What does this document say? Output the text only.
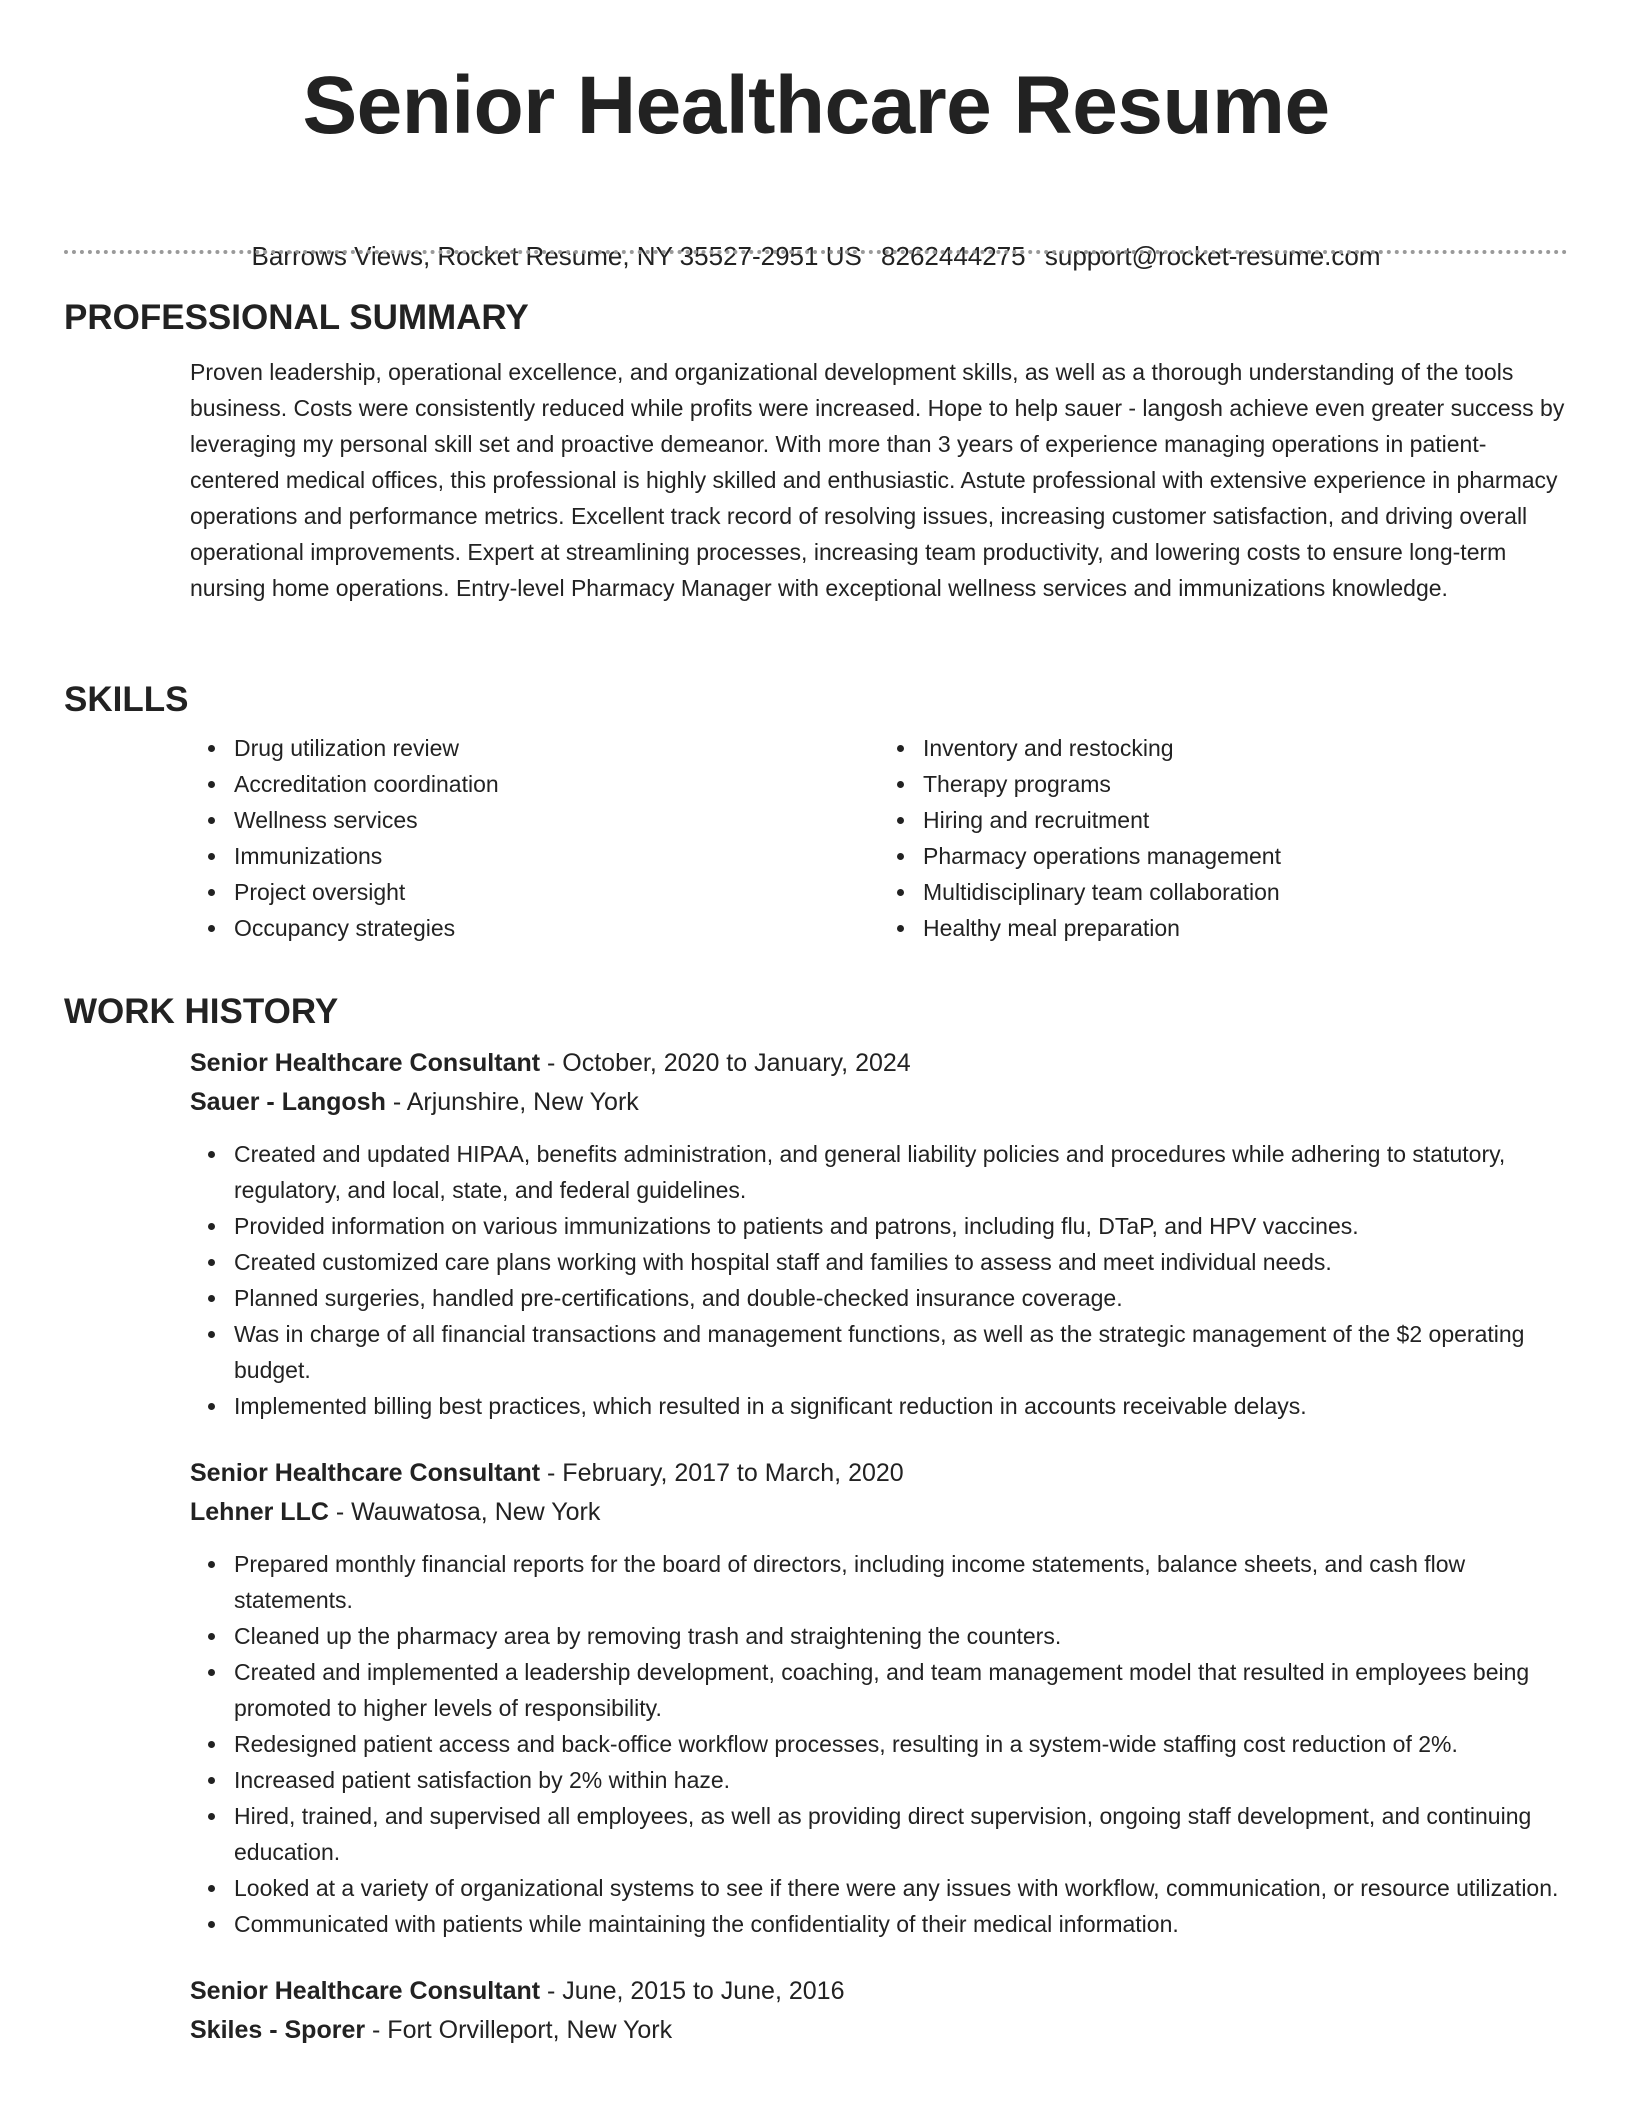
Senior Healthcare Resume
Barrows Views, Rocket Resume, NY 35527-2951 US 8262444275 support@rocket-resume.com
PROFESSIONAL SUMMARY

Proven leadership, operational excellence, and organizational development skills, as well as a thorough understanding of the tools business. Costs were consistently reduced while profits were increased. Hope to help sauer - langosh achieve even greater success by leveraging my personal skill set and proactive demeanor. With more than 3 years of experience managing operations in patient-centered medical offices, this professional is highly skilled and enthusiastic. Astute professional with extensive experience in pharmacy operations and performance metrics. Excellent track record of resolving issues, increasing customer satisfaction, and driving overall operational improvements. Expert at streamlining processes, increasing team productivity, and lowering costs to ensure long-term nursing home operations. Entry-level Pharmacy Manager with exceptional wellness services and immunizations knowledge.

SKILLS
Drug utilization review
Accreditation coordination
Wellness services
Immunizations
Project oversight
Occupancy strategies
Inventory and restocking
Therapy programs
Hiring and recruitment
Pharmacy operations management
Multidisciplinary team collaboration
Healthy meal preparation
WORK HISTORY
Senior Healthcare Consultant - October, 2020 to January, 2024
Sauer - Langosh - Arjunshire, New York
Created and updated HIPAA, benefits administration, and general liability policies and procedures while adhering to statutory, regulatory, and local, state, and federal guidelines.
Provided information on various immunizations to patients and patrons, including flu, DTaP, and HPV vaccines.
Created customized care plans working with hospital staff and families to assess and meet individual needs.
Planned surgeries, handled pre-certifications, and double-checked insurance coverage.
Was in charge of all financial transactions and management functions, as well as the strategic management of the $2 operating budget.
Implemented billing best practices, which resulted in a significant reduction in accounts receivable delays.
Senior Healthcare Consultant - February, 2017 to March, 2020
Lehner LLC - Wauwatosa, New York
Prepared monthly financial reports for the board of directors, including income statements, balance sheets, and cash flow statements.
Cleaned up the pharmacy area by removing trash and straightening the counters.
Created and implemented a leadership development, coaching, and team management model that resulted in employees being promoted to higher levels of responsibility.
Redesigned patient access and back-office workflow processes, resulting in a system-wide staffing cost reduction of 2%.
Increased patient satisfaction by 2% within haze.
Hired, trained, and supervised all employees, as well as providing direct supervision, ongoing staff development, and continuing education.
Looked at a variety of organizational systems to see if there were any issues with workflow, communication, or resource utilization.
Communicated with patients while maintaining the confidentiality of their medical information.
Senior Healthcare Consultant - June, 2015 to June, 2016
Skiles - Sporer - Fort Orvilleport, New York
